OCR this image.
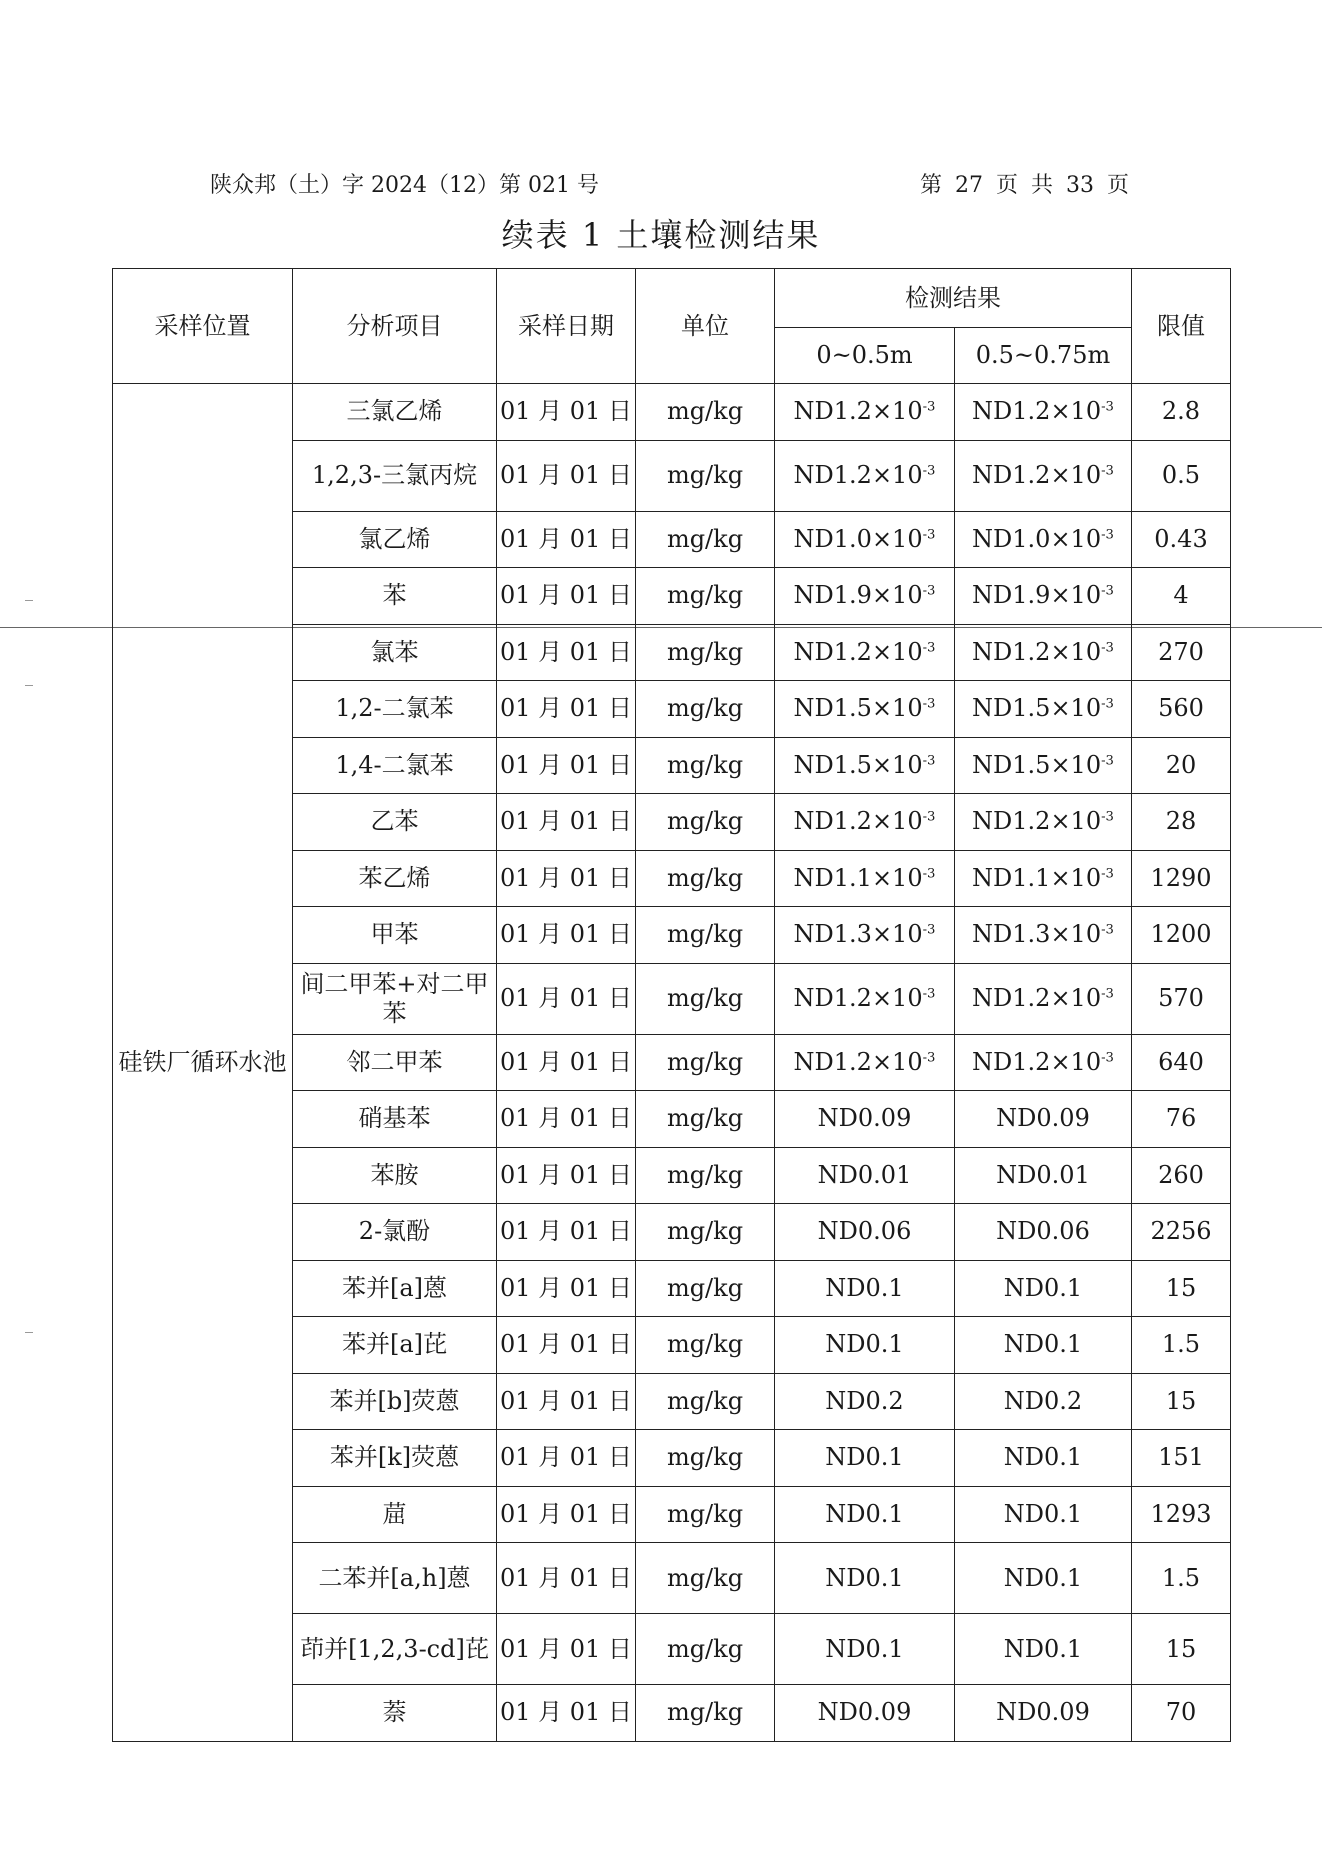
陕众邦（土）字 2024（12）第 021 号	第 27 页 共 33 页
续表 1 土壤检测结果
采样位置	分析项目	采样日期	单位	检测结果		限值
				0~0.5m	0.5~0.75m	
硅铁厂循环水池	三氯乙烯	01 月 01 日	mg/kg	$ND1.2\times 10^{-3}$	$ND1.2\times 10^{-3}$	2.8
	1,2,3-三氯丙烷	01 月 01 日	mg/kg	$ND1.2\times 10^{-3}$	$ND1.2\times 10^{-3}$	0.5
	氯乙烯	01 月 01 日	mg/kg	$ND1.0\times 10^{-3}$	$ND1.0\times 10^{-3}$	0.43
	苯	01 月 01 日	mg/kg	$ND1.9\times 10^{-3}$	$ND1.9\times 10^{-3}$	4
	氯苯	01 月 01 日	mg/kg	$ND1.2\times 10^{-3}$	$ND1.2\times 10^{-3}$	270
	1,2-二氯苯	01 月 01 日	mg/kg	$ND1.5\times 10^{-3}$	$ND1.5\times 10^{-3}$	560
	1,4-二氯苯	01 月 01 日	mg/kg	$ND1.5\times 10^{-3}$	$ND1.5\times 10^{-3}$	20
	乙苯	01 月 01 日	mg/kg	$ND1.2\times 10^{-3}$	$ND1.2\times 10^{-3}$	28
	苯乙烯	01 月 01 日	mg/kg	$ND1.1\times 10^{-3}$	$ND1.1\times 10^{-3}$	1290
	甲苯	01 月 01 日	mg/kg	$ND1.3\times 10^{-3}$	$ND1.3\times 10^{-3}$	1200
	间二甲苯+对二甲苯	01 月 01 日	mg/kg	$ND1.2\times 10^{-3}$	$ND1.2\times 10^{-3}$	570
	邻二甲苯	01 月 01 日	mg/kg	$ND1.2\times 10^{-3}$	$ND1.2\times 10^{-3}$	640
	硝基苯	01 月 01 日	mg/kg	ND0.09	ND0.09	76
	苯胺	01 月 01 日	mg/kg	ND0.01	ND0.01	260
	2-氯酚	01 月 01 日	mg/kg	ND0.06	ND0.06	2256
	苯并[a]蒽	01 月 01 日	mg/kg	ND0.1	ND0.1	15
	苯并[a]芘	01 月 01 日	mg/kg	ND0.1	ND0.1	1.5
	苯并[b]荧蒽	01 月 01 日	mg/kg	ND0.2	ND0.2	15
	苯并[k]荧蒽	01 月 01 日	mg/kg	ND0.1	ND0.1	151
	䓛	01 月 01 日	mg/kg	ND0.1	ND0.1	1293
	二苯并[a,h]蒽	01 月 01 日	mg/kg	ND0.1	ND0.1	1.5
	茚并[1,2,3-cd]芘	01 月 01 日	mg/kg	ND0.1	ND0.1	15
	萘	01 月 01 日	mg/kg	ND0.09	ND0.09	70
